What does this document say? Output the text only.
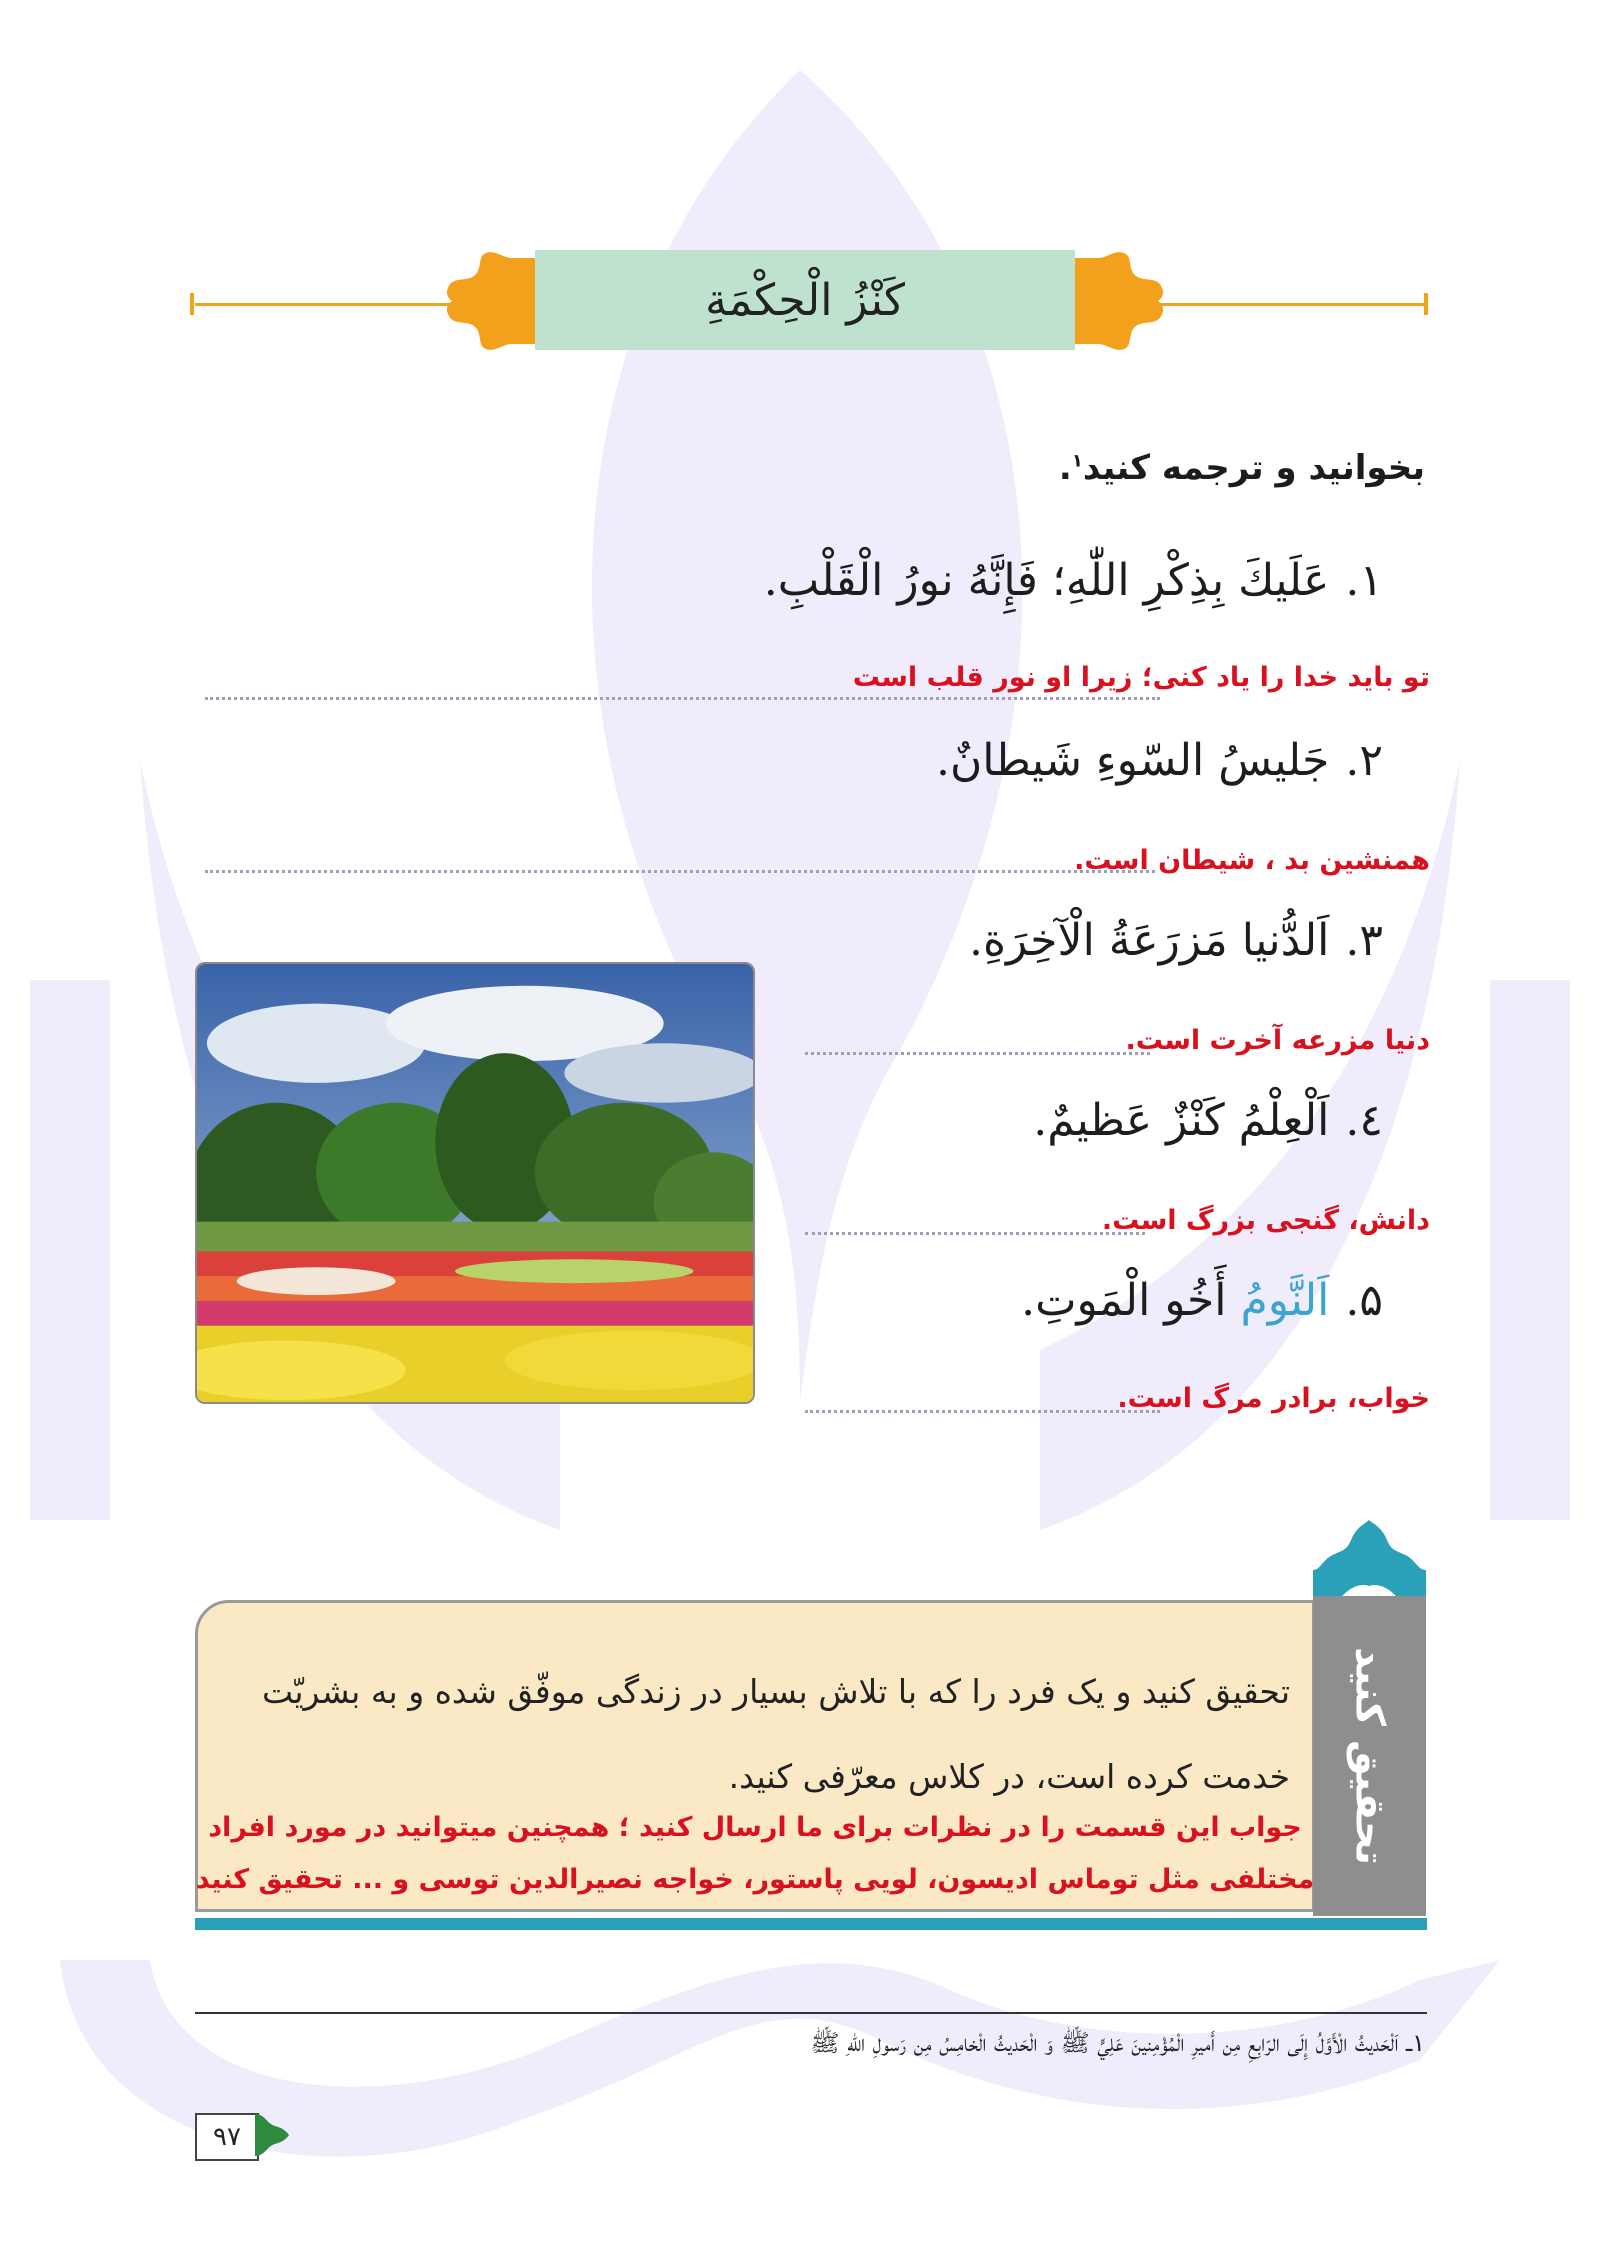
كَنْزُ الْحِكْمَةِ
بخوانید و ترجمه کنید$^۱$.
۱.عَلَیكَ بِذِكْرِ اللّٰهِ؛ فَإِنَّهُ نورُ الْقَلْبِ.
تو باید خدا را یاد کنی؛ زیرا او نور قلب است
۲.جَلیسُ السّوءِ شَیطانٌ.
همنشین بد ، شیطان است.
۳.اَلدُّنیا مَزرَعَةُ الْآخِرَةِ.
دنیا مزرعه آخرت است.
٤.اَلْعِلْمُ كَنْزٌ عَظیمٌ.
دانش، گنجی بزرگ است.
۵.اَلنَّومُ أَخُو الْمَوتِ.
خواب، برادر مرگ است.
تحقیق کنید
تحقیق کنید و یک فرد را که با تلاش بسیار در زندگی موفّق شده و به بشریّت
خدمت کرده است، در کلاس معرّفی کنید.
جواب این قسمت را در نظرات برای ما ارسال کنید ؛ همچنین میتوانید در مورد افراد
مختلفی مثل توماس ادیسون، لویی پاستور، خواجه نصیرالدین توسی و ... تحقیق کنید
١ــ اَلْحَدیثُ الْأَوَّلُ إِلَى الرّابِعِ مِن أَمیرِ الْمُؤْمِنینَ عَلِيٍّ ﷺ وَ الْحَدیثُ الْخامِسُ مِن رَسولِ اللّٰهِ ﷺ
۹۷
